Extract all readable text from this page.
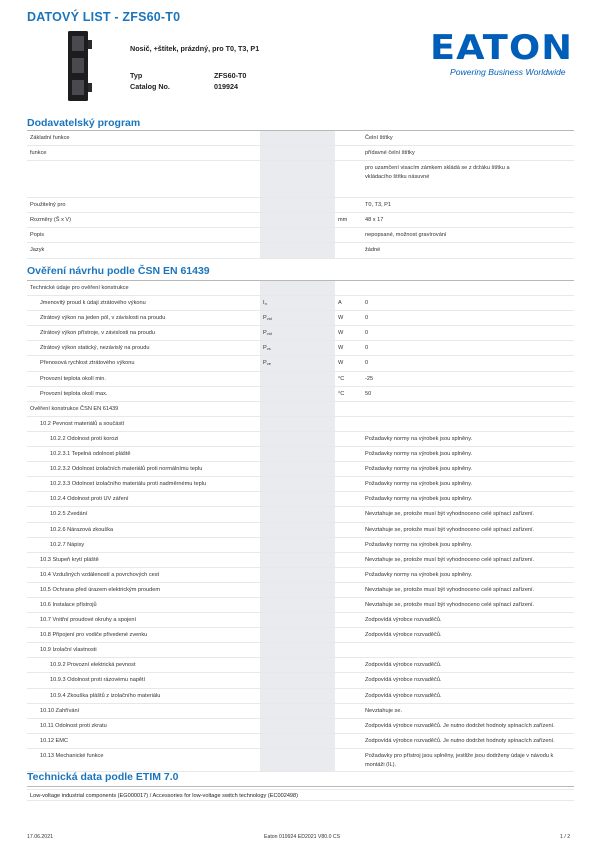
DATOVÝ LIST - ZFS60-T0
Nosič, +štítek, prázdný, pro T0, T3, P1
Typ	ZFS60-T0
Catalog No.	019924
EATON
Powering Business Worldwide
Dodavatelský program
Základní funkce			Čelní štítky

funkce			přídavné čelní štítky

			pro uzamčení visacím zámkem skládá se z držáku štítku a vkládacího štítku násuvné

Použitelný pro			T0, T3, P1

Rozměry (Š x V)		mm	48 x 17

Popis			nepopsané, možnost gravírování

Jazyk			žádné
Ověření návrhu podle ČSN EN 61439
Technické údaje pro ověření konstrukce				

Jmenovitý proud k údaji ztrátového výkonu	$I_n$		A	0

Ztrátový výkon na jeden pól, v závislosti na proudu	$P_{vid}$		W	0

Ztrátový výkon přístroje, v závislosti na proudu	$P_{vid}$		W	0

Ztrátový výkon statický, nezávislý na proudu	$P_{vs}$		W	0

Přenosová rychlost ztrátového výkonu	$P_{ve}$		W	0

Provozní teplota okolí min.			°C	-25

Provozní teplota okolí max.			°C	50

Ověření konstrukce ČSN EN 61439				

10.2 Pevnost materiálů a součástí				

10.2.2 Odolnost proti korozi				Požadavky normy na výrobek jsou splněny.

10.2.3.1 Tepelná odolnost pláště				Požadavky normy na výrobek jsou splněny.

10.2.3.2 Odolnost izolačních materiálů proti normálnímu teplu				Požadavky normy na výrobek jsou splněny.

10.2.3.3 Odolnost izolačního materiálu proti nadměrnému teplu				Požadavky normy na výrobek jsou splněny.

10.2.4 Odolnost proti UV záření				Požadavky normy na výrobek jsou splněny.

10.2.5 Zvedání				Nevztahuje se, protože musí být vyhodnoceno celé spínací zařízení.

10.2.6 Nárazová zkouška				Nevztahuje se, protože musí být vyhodnoceno celé spínací zařízení.

10.2.7 Nápisy				Požadavky normy na výrobek jsou splněny.

10.3 Stupeň krytí pláště				Nevztahuje se, protože musí být vyhodnoceno celé spínací zařízení.

10.4 Vzdušných vzdáleností a povrchových cest				Požadavky normy na výrobek jsou splněny.

10.5 Ochrana před úrazem elektrickým proudem				Nevztahuje se, protože musí být vyhodnoceno celé spínací zařízení.

10.6 Instalace přístrojů				Nevztahuje se, protože musí být vyhodnoceno celé spínací zařízení.

10.7 Vnitřní proudové okruhy a spojení				Zodpovídá výrobce rozvaděčů.

10.8 Připojení pro vodiče přivedené zvenku				Zodpovídá výrobce rozvaděčů.

10.9 Izolační vlastnosti				

10.9.2 Provozní elektrická pevnost				Zodpovídá výrobce rozvaděčů.

10.9.3 Odolnost proti rázovému napětí				Zodpovídá výrobce rozvaděčů.

10.9.4 Zkouška pláštů z izolačního materiálu				Zodpovídá výrobce rozvaděčů.

10.10 Zahřívání				Nevztahuje se.

10.11 Odolnost proti zkratu				Zodpovídá výrobce rozvaděčů. Je nutno dodržet hodnoty spínacích zařízení.

10.12 EMC				Zodpovídá výrobce rozvaděčů. Je nutno dodržet hodnoty spínacích zařízení.

10.13 Mechanické funkce				Požadavky pro přístroj jsou splněny, jestliže jsou dodrženy údaje v návodu k montáži (IL).
Technická data podle ETIM 7.0
Low-voltage industrial components (EG000017) / Accessories for low-voltage switch technology (EC002498)
17.06.2021	Eaton 019924 ED2021 V80.0 CS	1 / 2
